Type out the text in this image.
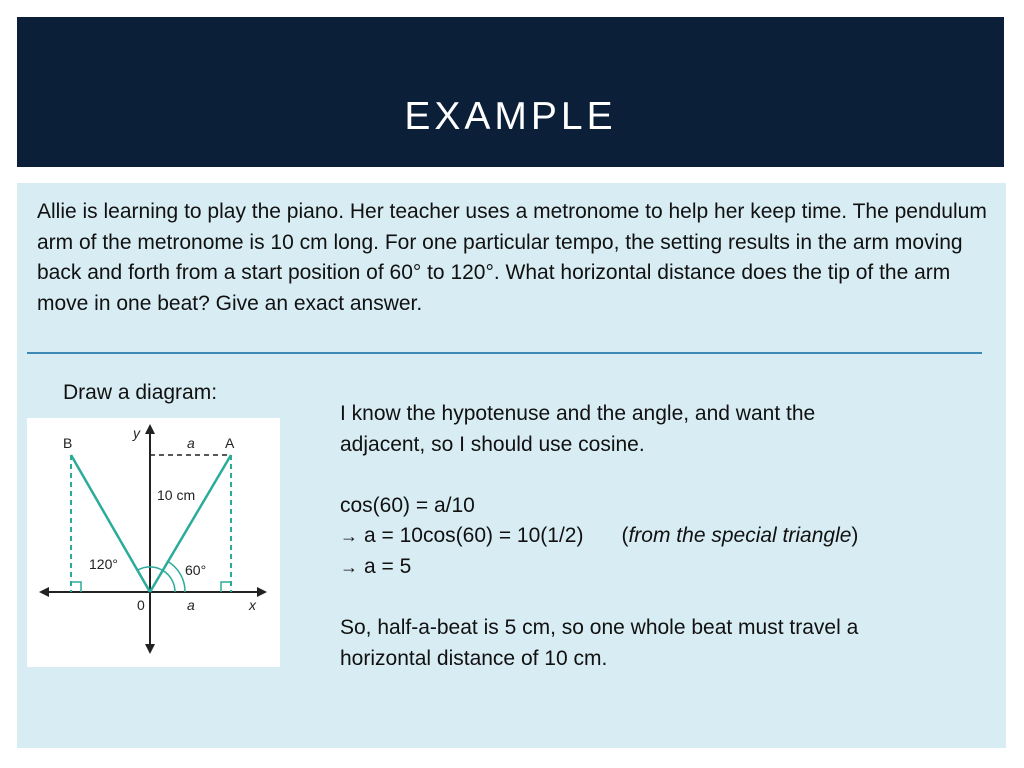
EXAMPLE

Allie is learning to play the piano. Her teacher uses a metronome to help her keep time. The pendulum arm of the metronome is 10 cm long. For one particular tempo, the setting results in the arm moving back and forth from a start position of 60° to 120°. What horizontal distance does the tip of the arm move in one beat? Give an exact answer.

Draw a diagram:
B	A
y
a
10 cm
120°	60°
0	a	x
I know the hypotenuse and the angle, and want the
adjacent, so I should use cosine.
cos(60) = a/10
→ a = 10cos(60) = 10(1/2) (from the special triangle)
→ a = 5
So, half-a-beat is 5 cm, so one whole beat must travel a
horizontal distance of 10 cm.
